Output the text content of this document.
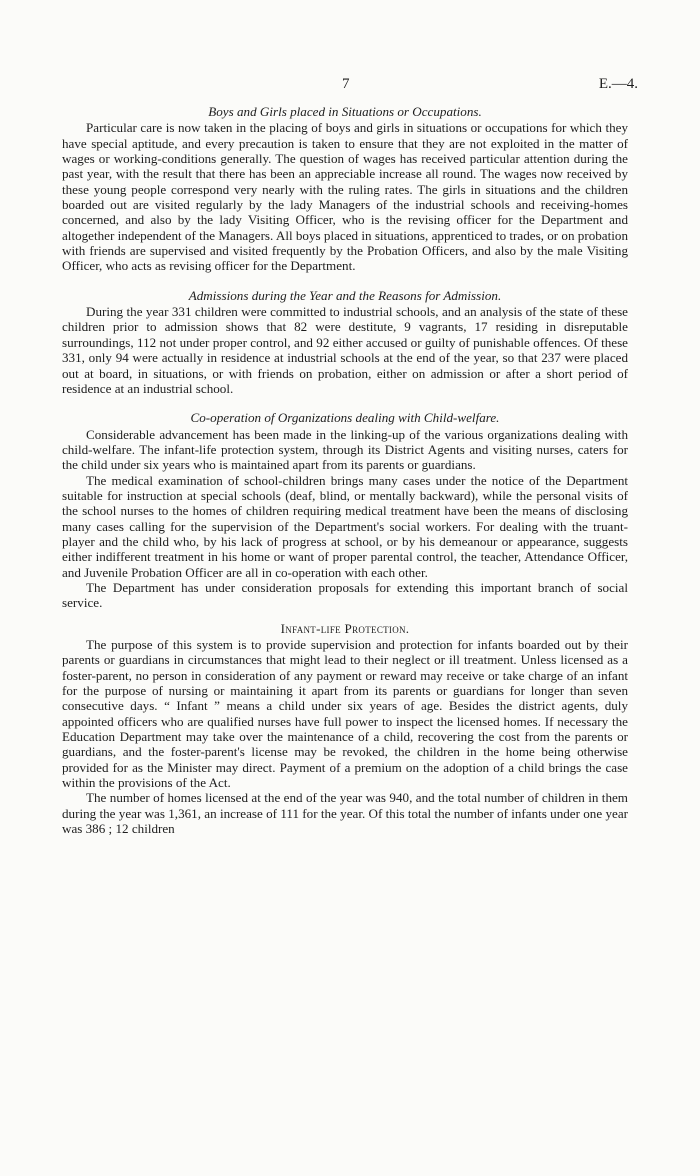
7	E.—4.

Boys and Girls placed in Situations or Occupations.

Particular care is now taken in the placing of boys and girls in situations or occupations for which they have special aptitude, and every precaution is taken to ensure that they are not exploited in the matter of wages or working-conditions generally. The question of wages has received particular attention during the past year, with the result that there has been an appreciable increase all round. The wages now received by these young people correspond very nearly with the ruling rates. The girls in situations and the children boarded out are visited regularly by the lady Managers of the industrial schools and receiving-homes concerned, and also by the lady Visiting Officer, who is the revising officer for the Department and altogether independent of the Managers. All boys placed in situations, apprenticed to trades, or on probation with friends are supervised and visited frequently by the Probation Officers, and also by the male Visiting Officer, who acts as revising officer for the Department.

Admissions during the Year and the Reasons for Admission.

During the year 331 children were committed to industrial schools, and an analysis of the state of these children prior to admission shows that 82 were destitute, 9 vagrants, 17 residing in disreputable surroundings, 112 not under proper control, and 92 either accused or guilty of punishable offences. Of these 331, only 94 were actually in residence at industrial schools at the end of the year, so that 237 were placed out at board, in situations, or with friends on probation, either on admission or after a short period of residence at an industrial school.

Co-operation of Organizations dealing with Child-welfare.

Considerable advancement has been made in the linking-up of the various organizations dealing with child-welfare. The infant-life protection system, through its District Agents and visiting nurses, caters for the child under six years who is maintained apart from its parents or guardians.

The medical examination of school-children brings many cases under the notice of the Department suitable for instruction at special schools (deaf, blind, or mentally backward), while the personal visits of the school nurses to the homes of children requiring medical treatment have been the means of disclosing many cases calling for the supervision of the Department's social workers. For dealing with the truant-player and the child who, by his lack of progress at school, or by his demeanour or appearance, suggests either indifferent treatment in his home or want of proper parental control, the teacher, Attendance Officer, and Juvenile Probation Officer are all in co-operation with each other.

The Department has under consideration proposals for extending this important branch of social service.

Infant-life Protection.

The purpose of this system is to provide supervision and protection for infants boarded out by their parents or guardians in circumstances that might lead to their neglect or ill treatment. Unless licensed as a foster-parent, no person in consideration of any payment or reward may receive or take charge of an infant for the purpose of nursing or maintaining it apart from its parents or guardians for longer than seven consecutive days. “ Infant ” means a child under six years of age. Besides the district agents, duly appointed officers who are qualified nurses have full power to inspect the licensed homes. If necessary the Education Department may take over the maintenance of a child, recovering the cost from the parents or guardians, and the foster-parent's license may be revoked, the children in the home being otherwise provided for as the Minister may direct. Payment of a premium on the adoption of a child brings the case within the provisions of the Act.

The number of homes licensed at the end of the year was 940, and the total number of children in them during the year was 1,361, an increase of 111 for the year. Of this total the number of infants under one year was 386 ; 12 children
